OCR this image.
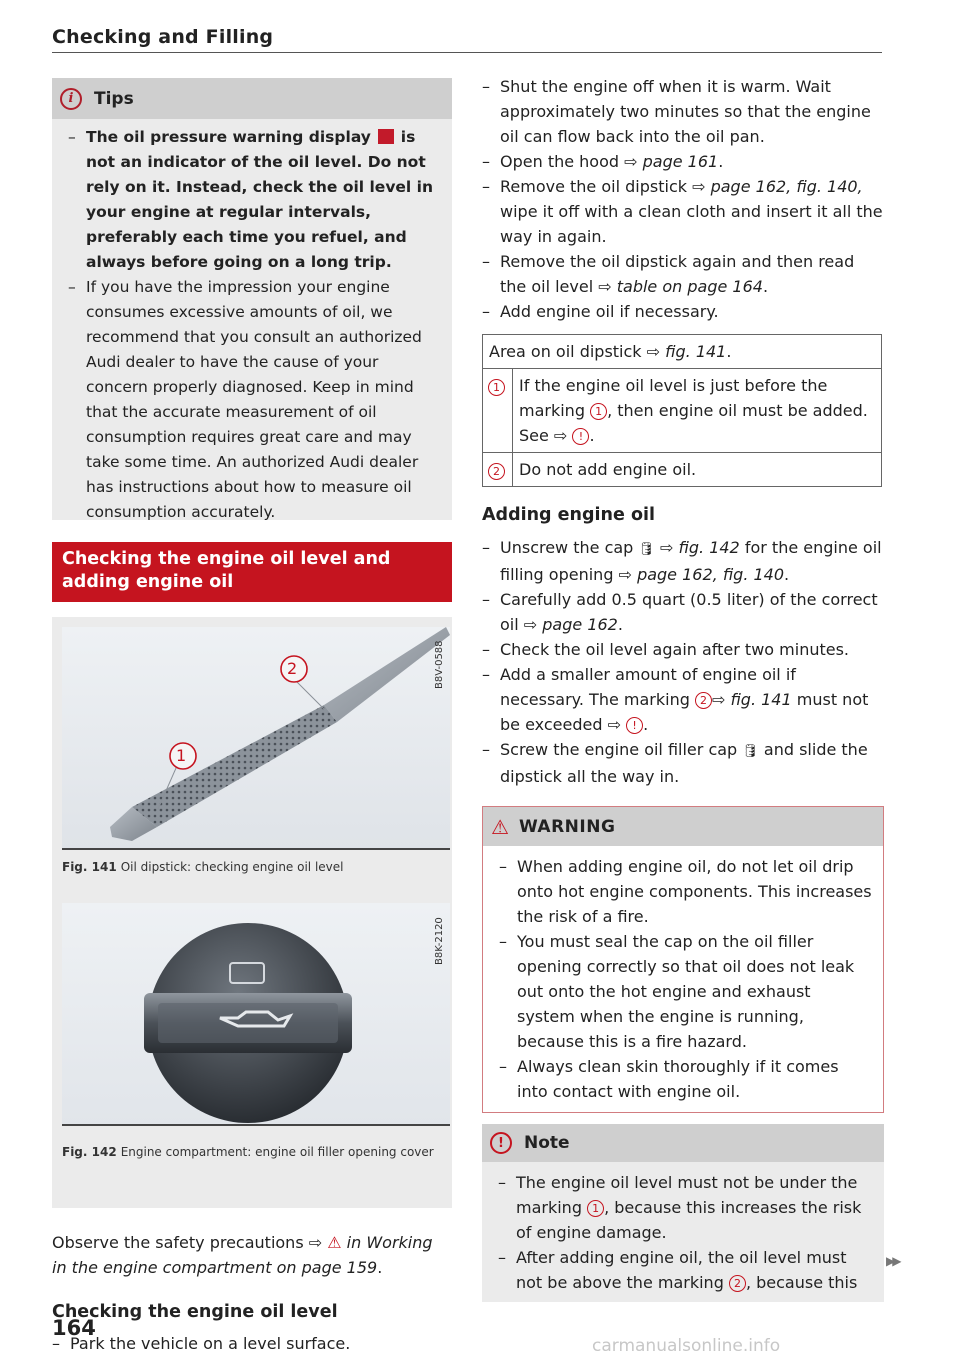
Checking and Filling
i	Tips
– The oil pressure warning display is not an indicator of the oil level. Do not rely on it. Instead, check the oil level in your engine at regular intervals, preferably each time you refuel, and always before going on a long trip.
– If you have the impression your engine consumes excessive amounts of oil, we recommend that you consult an authorized Audi dealer to have the cause of your concern properly diagnosed. Keep in mind that the accurate measurement of oil consumption requires great care and may take some time. An authorized Audi dealer has instructions about how to measure oil consumption accurately.
Checking the engine oil level and adding engine oil
2
1
B8V-0588
Fig. 141 Oil dipstick: checking engine oil level
B8K-2120
Fig. 142 Engine compartment: engine oil filler opening cover

Observe the safety precautions ⇨ ⚠ in Working in the engine compartment on page 159.

Checking the engine oil level
– Park the vehicle on a level surface.
– Shut the engine off when it is warm. Wait approximately two minutes so that the engine oil can flow back into the oil pan.
– Open the hood ⇨ page 161.
– Remove the oil dipstick ⇨ page 162, fig. 140, wipe it off with a clean cloth and insert it all the way in again.
– Remove the oil dipstick again and then read the oil level ⇨ table on page 164.
– Add engine oil if necessary.
Area on oil dipstick ⇨ fig. 141.
1	If the engine oil level is just before the marking 1 , then engine oil must be added. See ⇨ ! .
2	Do not add engine oil.
Adding engine oil
– Unscrew the cap 🛢 ⇨ fig. 142 for the engine oil filling opening ⇨ page 162, fig. 140.
– Carefully add 0.5 quart (0.5 liter) of the correct oil ⇨ page 162.
– Check the oil level again after two minutes.
– Add a smaller amount of engine oil if necessary. The marking 2 ⇨ fig. 141 must not be exceeded ⇨ ! .
– Screw the engine oil filler cap 🛢 and slide the dipstick all the way in.
⚠ WARNING
– When adding engine oil, do not let oil drip onto hot engine components. This increases the risk of a fire.
– You must seal the cap on the oil filler opening correctly so that oil does not leak out onto the hot engine and exhaust system when the engine is running, because this is a fire hazard.
– Always clean skin thoroughly if it comes into contact with engine oil.
!	Note
– The engine oil level must not be under the marking 1 , because this increases the risk of engine damage.
– After adding engine oil, the oil level must not be above the marking 2 , because this
▶▶
164
carmanualsonline.info
